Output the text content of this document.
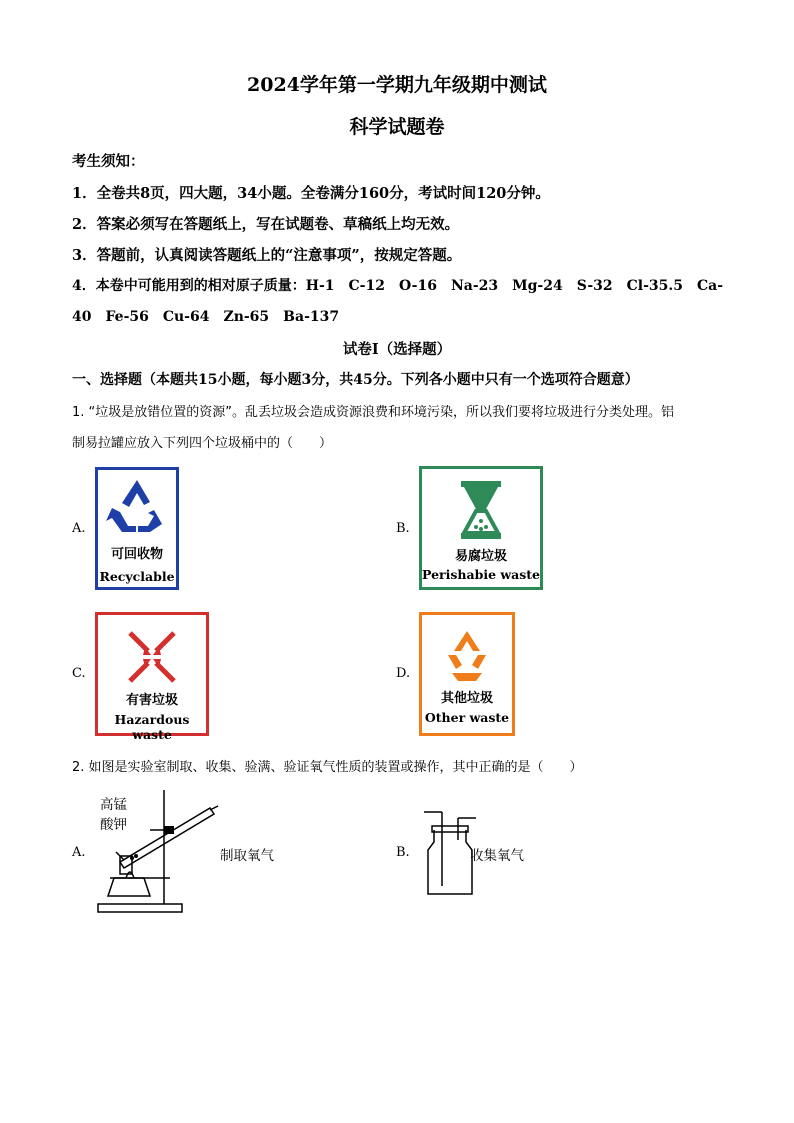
2024学年第一学期九年级期中测试
科学试题卷
考生须知：
1．全卷共8页，四大题，34小题。全卷满分160分，考试时间120分钟。
2．答案必须写在答题纸上，写在试题卷、草稿纸上均无效。
3．答题前，认真阅读答题纸上的“注意事项”，按规定答题。
4．本卷中可能用到的相对原子质量：H-1　C-12　O-16　Na-23　Mg-24　S-32　Cl-35.5　Ca-
40　Fe-56　Cu-64　Zn-65　Ba-137
试卷Ⅰ（选择题）
一、选择题（本题共15小题，每小题3分，共45分。下列各小题中只有一个选项符合题意）
1. “垃圾是放错位置的资源”。乱丢垃圾会造成资源浪费和环境污染，所以我们要将垃圾进行分类处理。铝
制易拉罐应放入下列四个垃圾桶中的（　　）
A.
可回收物
Recyclable
B.
易腐垃圾
Perishabie waste
C.
有害垃圾
Hazardous waste
D.
其他垃圾
Other waste
2. 如图是实验室制取、收集、验满、验证氧气性质的装置或操作，其中正确的是（　　）
A.
高锰
酸钾
制取氧气	B.	收集氧气
